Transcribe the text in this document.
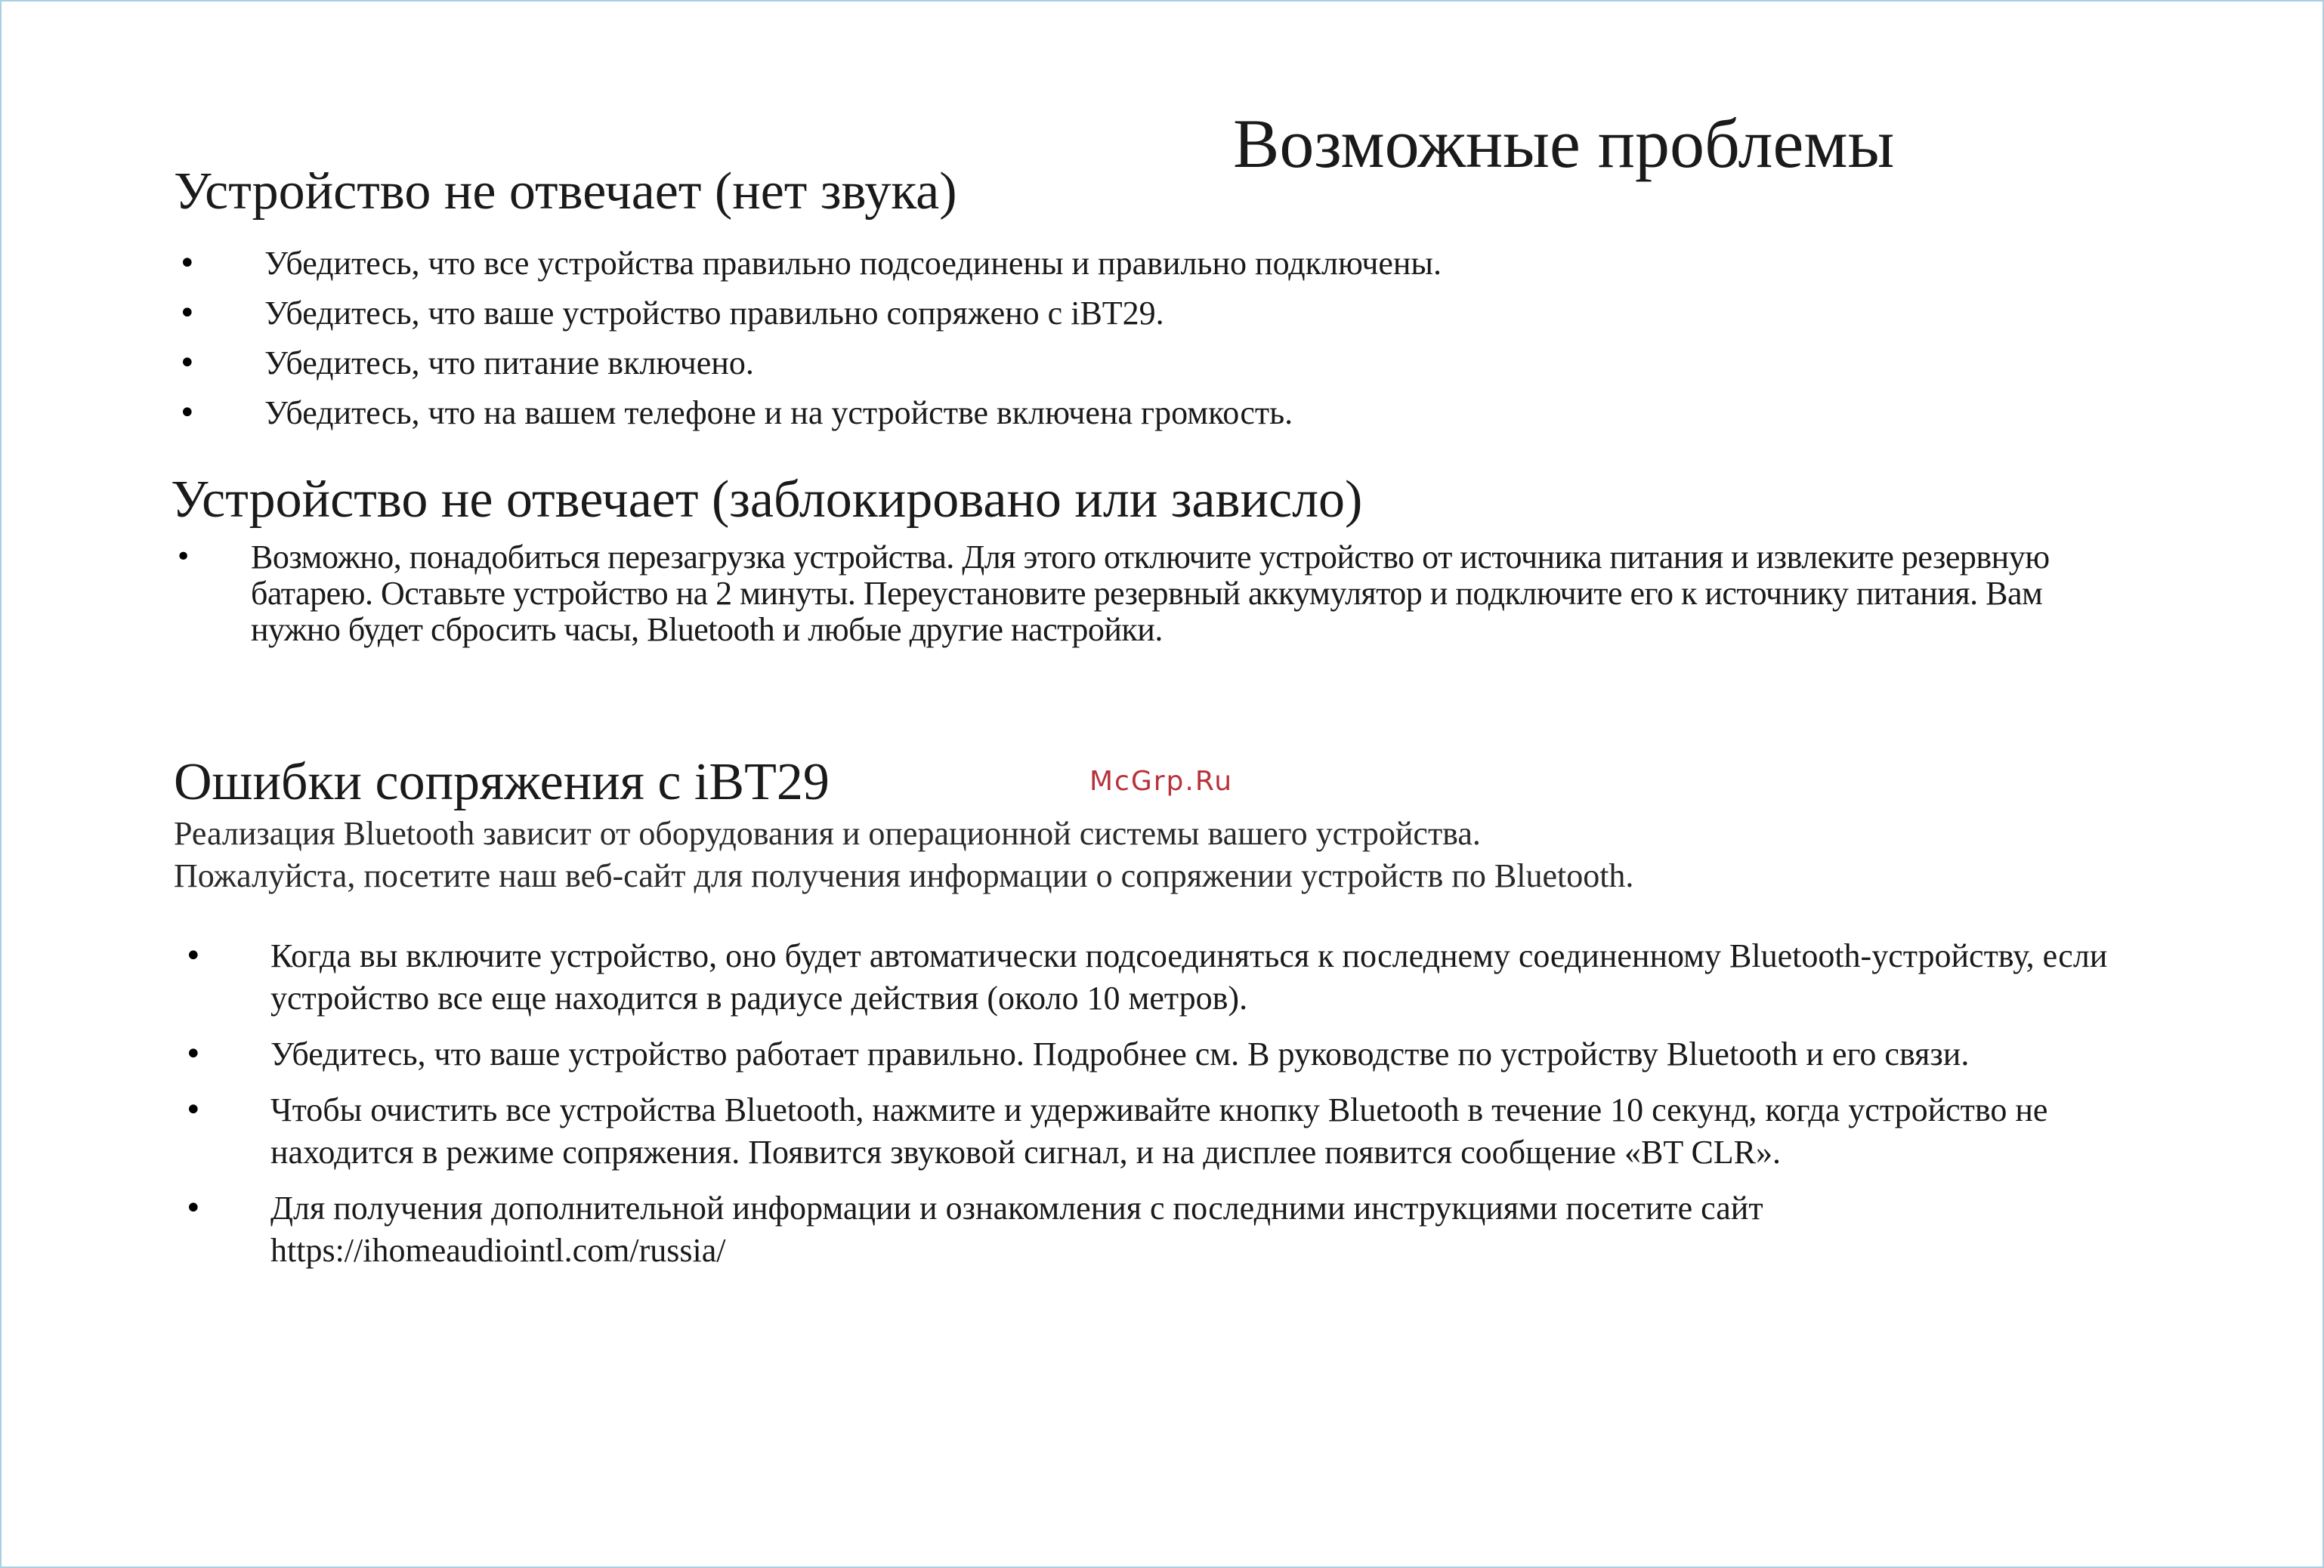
Возможные проблемы
Устройство не отвечает (нет звука)
• Убедитесь, что все устройства правильно подсоединены и правильно подключены.
• Убедитесь, что ваше устройство правильно сопряжено с iBT29.
• Убедитесь, что питание включено.
• Убедитесь, что на вашем телефоне и на устройстве включена громкость.
Устройство не отвечает (заблокировано или зависло)
• Возможно, понадобиться перезагрузка устройства. Для этого отключите устройство от источника питания и извлеките резервную батарею. Оставьте устройство на 2 минуты. Переустановите резервный аккумулятор и подключите его к источнику питания. Вам нужно будет сбросить часы, Bluetooth и любые другие настройки.

McGrp.Ru

Ошибки сопряжения с iBT29

Реализация Bluetooth зависит от оборудования и операционной системы вашего устройства.

Пожалуйста, посетите наш веб-сайт для получения информации о сопряжении устройств по Bluetooth.

• Когда вы включите устройство, оно будет автоматически подсоединяться к последнему соединенному Bluetooth-устройству, если устройство все еще находится в радиусе действия (около 10 метров).
• Убедитесь, что ваше устройство работает правильно. Подробнее см. В руководстве по устройству Bluetooth и его связи.
• Чтобы очистить все устройства Bluetooth, нажмите и удерживайте кнопку Bluetooth в течение 10 секунд, когда устройство не находится в режиме сопряжения. Появится звуковой сигнал, и на дисплее появится сообщение «BT CLR».
• Для получения дополнительной информации и ознакомления с последними инструкциями посетите сайт https://ihomeaudiointl.com/russia/
